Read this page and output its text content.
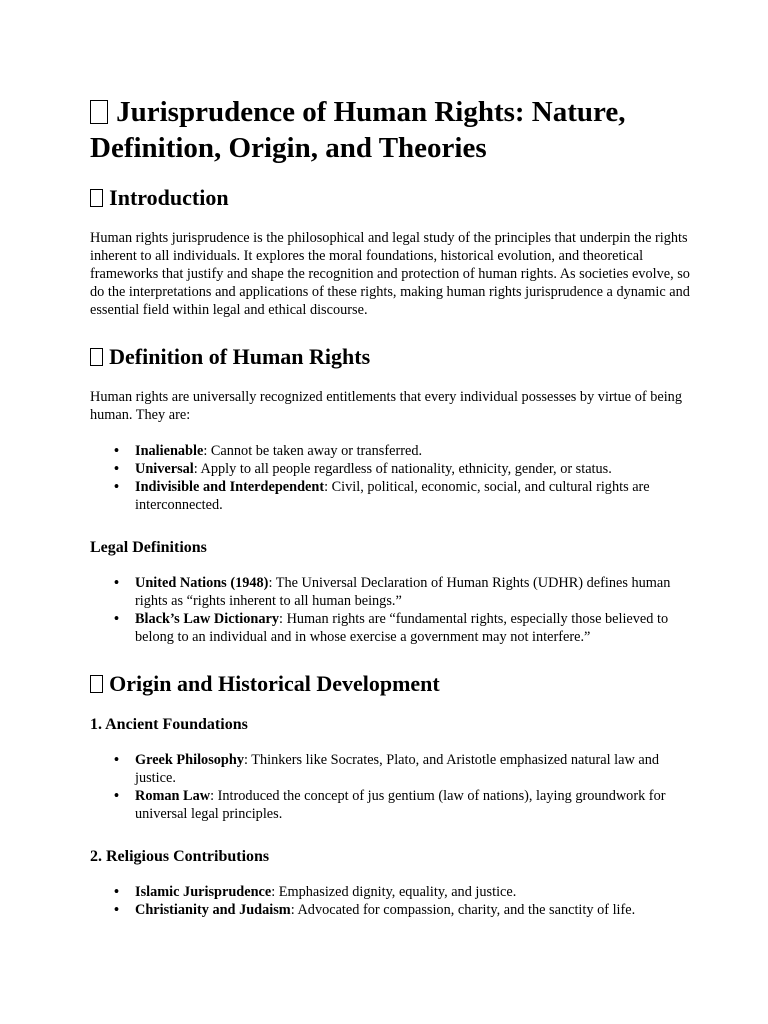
Jurisprudence of Human Rights: Nature, Definition, Origin, and Theories
Introduction

Human rights jurisprudence is the philosophical and legal study of the principles that underpin the rights inherent to all individuals. It explores the moral foundations, historical evolution, and theoretical frameworks that justify and shape the recognition and protection of human rights. As societies evolve, so do the interpretations and applications of these rights, making human rights jurisprudence a dynamic and essential field within legal and ethical discourse.

Definition of Human Rights

Human rights are universally recognized entitlements that every individual possesses by virtue of being human. They are:

• Inalienable: Cannot be taken away or transferred.
• Universal: Apply to all people regardless of nationality, ethnicity, gender, or status.
• Indivisible and Interdependent: Civil, political, economic, social, and cultural rights are interconnected.
Legal Definitions
• United Nations (1948): The Universal Declaration of Human Rights (UDHR) defines human rights as “rights inherent to all human beings.”
• Black’s Law Dictionary: Human rights are “fundamental rights, especially those believed to belong to an individual and in whose exercise a government may not interfere.”
Origin and Historical Development
1. Ancient Foundations
• Greek Philosophy: Thinkers like Socrates, Plato, and Aristotle emphasized natural law and justice.
• Roman Law: Introduced the concept of jus gentium (law of nations), laying groundwork for universal legal principles.
2. Religious Contributions
• Islamic Jurisprudence: Emphasized dignity, equality, and justice.
• Christianity and Judaism: Advocated for compassion, charity, and the sanctity of life.
